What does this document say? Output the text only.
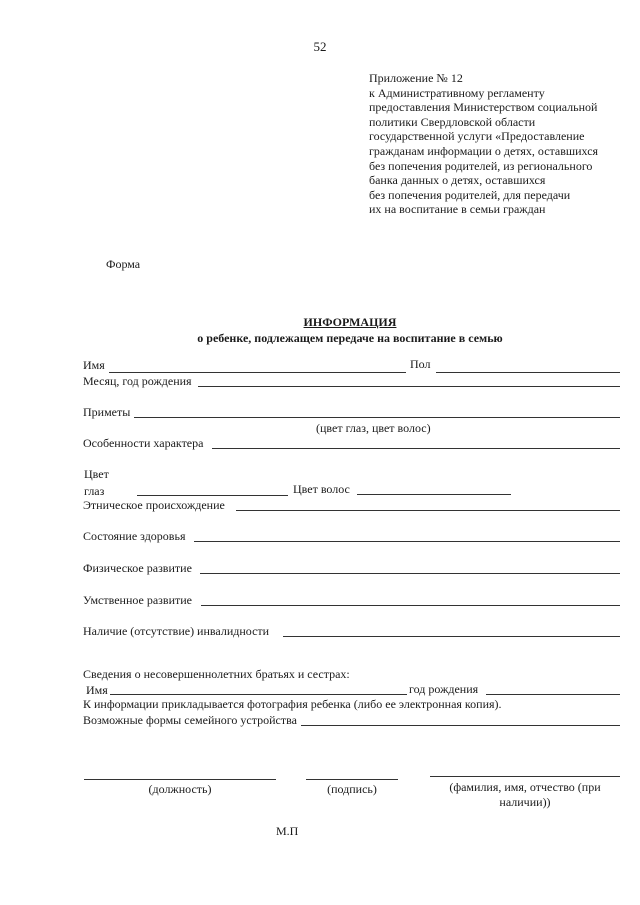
52
Приложение № 12
к Административному регламенту
предоставления Министерством социальной
политики Свердловской области
государственной услуги «Предоставление
гражданам информации о детях, оставшихся
без попечения родителей, из регионального
банка данных о детях, оставшихся
без попечения родителей, для передачи
их на воспитание в семьи граждан
Форма
ИНФОРМАЦИЯ
о ребенке, подлежащем передаче на воспитание в семью
Имя	Пол
Месяц, год рождения
Приметы
(цвет глаз, цвет волос)
Особенности характера
Цвет
глаз	Цвет волос
Этническое происхождение
Состояние здоровья
Физическое развитие
Умственное развитие
Наличие (отсутствие) инвалидности
Сведения о несовершеннолетних братьях и сестрах:
Имя	год рождения
К информации прикладывается фотография ребенка (либо ее электронная копия).
Возможные формы семейного устройства
(должность)	(подпись)	(фамилия, имя, отчество (при наличии))
М.П
